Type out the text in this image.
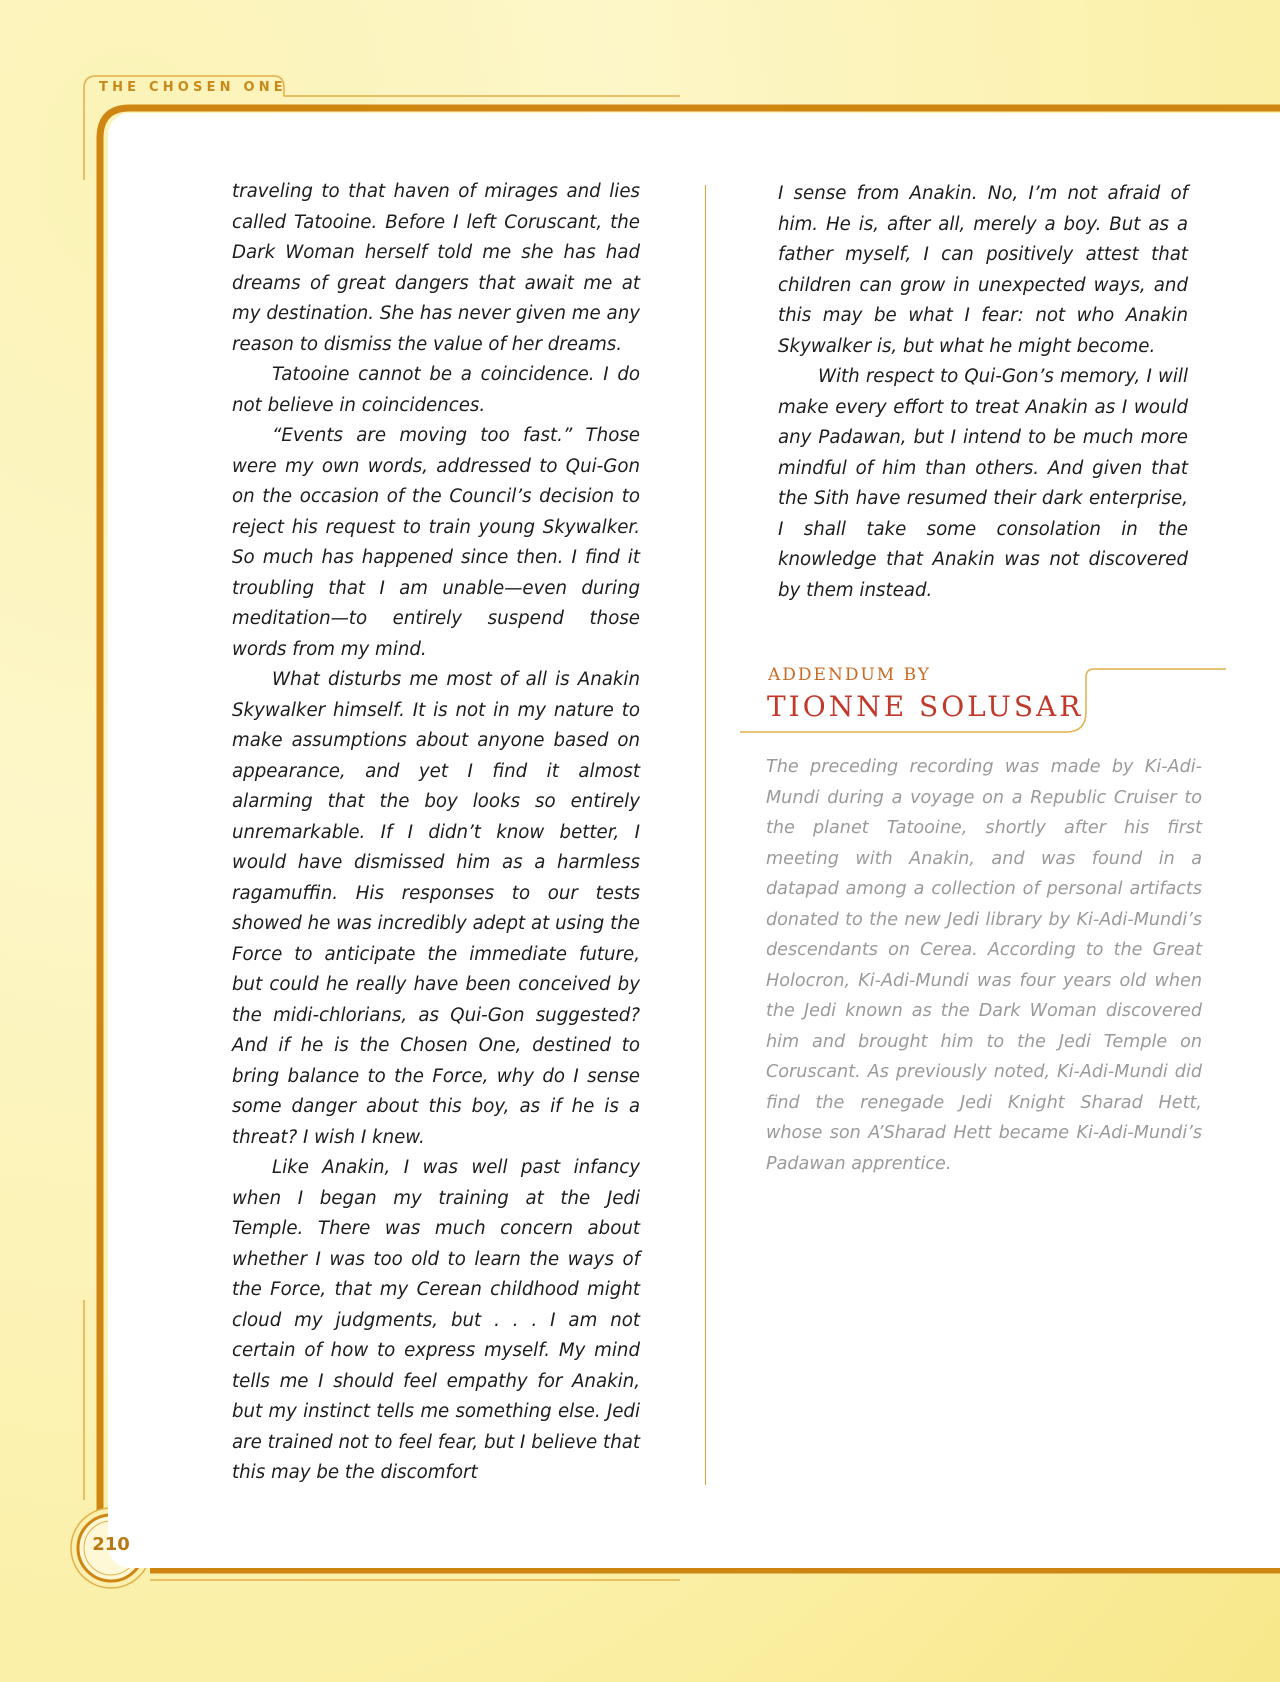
THE CHOSEN ONE

traveling to that haven of mirages and lies called Tatooine. Before I left Coruscant, the Dark Woman herself told me she has had dreams of great dangers that await me at my destination. She has never given me any reason to dismiss the value of her dreams.

Tatooine cannot be a coincidence. I do not believe in coincidences.

“Events are moving too fast.” Those were my own words, addressed to Qui-Gon on the occasion of the Council’s decision to reject his request to train young Skywalker. So much has happened since then. I find it troubling that I am unable—even during meditation—to entirely suspend those words from my mind.

What disturbs me most of all is Anakin Skywalker himself. It is not in my nature to make assumptions about anyone based on appearance, and yet I find it almost alarming that the boy looks so entirely unremarkable. If I didn’t know better, I would have dismissed him as a harmless ragamuffin. His responses to our tests showed he was incredibly adept at using the Force to anticipate the immediate future, but could he really have been conceived by the midi-chlorians, as Qui-Gon suggested? And if he is the Chosen One, destined to bring balance to the Force, why do I sense some danger about this boy, as if he is a threat? I wish I knew.

Like Anakin, I was well past infancy when I began my training at the Jedi Temple. There was much concern about whether I was too old to learn the ways of the Force, that my Cerean childhood might cloud my judgments, but . . . I am not certain of how to express myself. My mind tells me I should feel empathy for Anakin, but my instinct tells me something else. Jedi are trained not to feel fear, but I believe that this may be the discomfort

I sense from Anakin. No, I’m not afraid of him. He is, after all, merely a boy. But as a father myself, I can positively attest that children can grow in unexpected ways, and this may be what I fear: not who Anakin Skywalker is, but what he might become.

With respect to Qui-Gon’s memory, I will make every effort to treat Anakin as I would any Padawan, but I intend to be much more mindful of him than others. And given that the Sith have resumed their dark enterprise, I shall take some consolation in the knowledge that Anakin was not discovered by them instead.

ADDENDUM BY
TIONNE SOLUSAR

The preceding recording was made by Ki-Adi-Mundi during a voyage on a Republic Cruiser to the planet Tatooine, shortly after his first meeting with Anakin, and was found in a datapad among a collection of personal artifacts donated to the new Jedi library by Ki-Adi-Mundi’s descendants on Cerea. According to the Great Holocron, Ki-Adi-Mundi was four years old when the Jedi known as the Dark Woman discovered him and brought him to the Jedi Temple on Coruscant. As previously noted, Ki-Adi-Mundi did find the renegade Jedi Knight Sharad Hett, whose son A’Sharad Hett became Ki-Adi-Mundi’s Padawan apprentice.

210
